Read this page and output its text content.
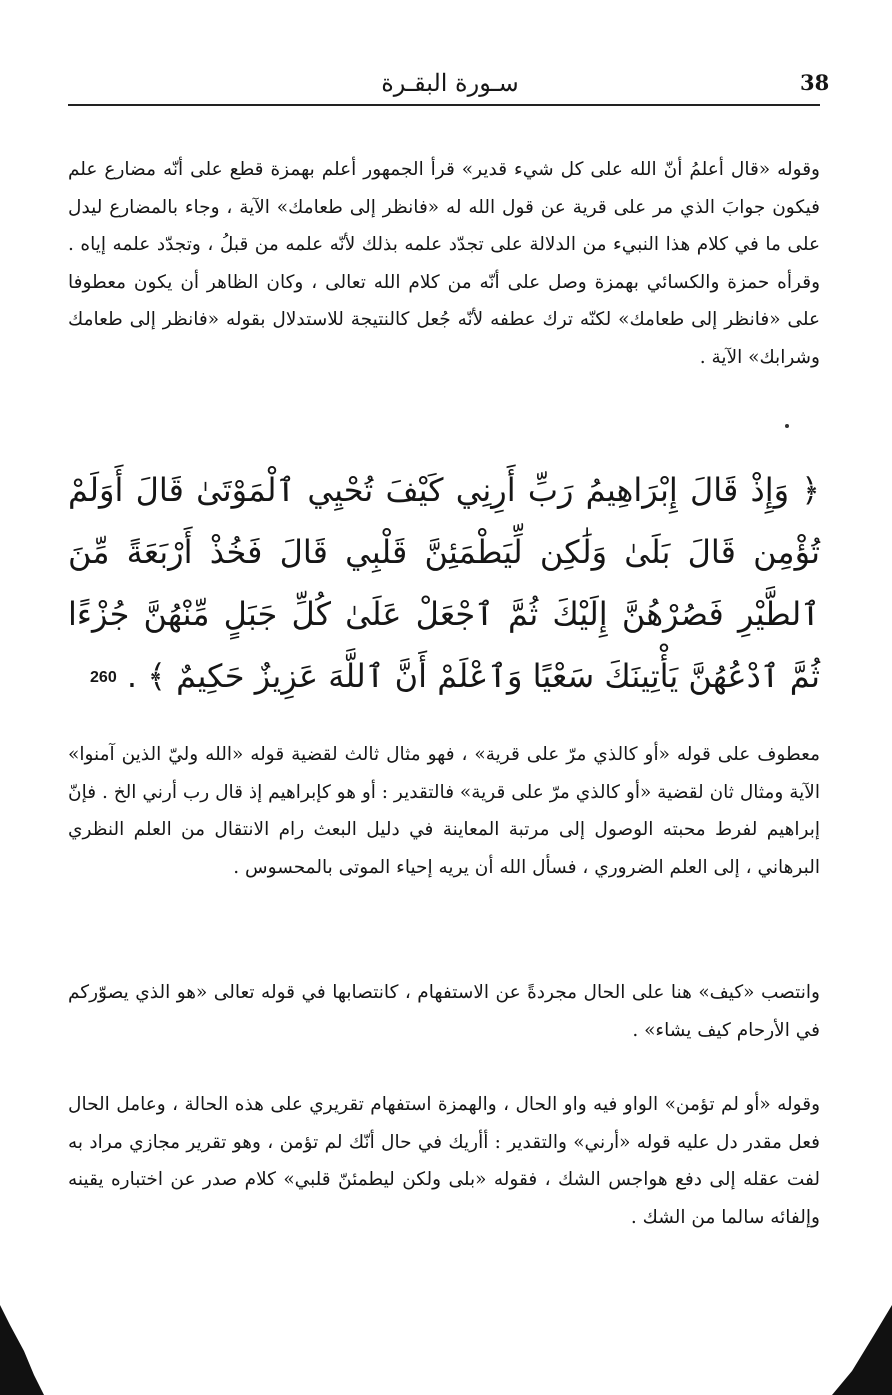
38
سـورة البقـرة

وقوله «قال أعلمُ أنّ الله على كل شيء قدير» قرأ الجمهور أعلم بهمزة قطع على أنّه مضارع علم فيكون جوابَ الذي مر على قرية عن قول الله له «فانظر إلى طعامك» الآية ، وجاء بالمضارع ليدل على ما في كلام هذا النبيء من الدلالة على تجدّد علمه بذلك لأنّه علمه من قبلُ ، وتجدّد علمه إياه . وقرأه حمزة والكسائي بهمزة وصل على أنّه من كلام الله تعالى ، وكان الظاهر أن يكون معطوفا على «فانظر إلى طعامك» لكنّه ترك عطفه لأنّه جُعل كالنتيجة للاستدلال بقوله «فانظر إلى طعامك وشرابك» الآية .

﴿ وَإِذْ قَالَ إِبْرَاهِيمُ رَبِّ أَرِنِي كَيْفَ تُحْيِي ٱلْمَوْتَىٰ قَالَ أَوَلَمْ تُؤْمِن قَالَ بَلَىٰ وَلَٰكِن لِّيَطْمَئِنَّ قَلْبِي قَالَ فَخُذْ أَرْبَعَةً مِّنَ ٱلطَّيْرِ فَصُرْهُنَّ إِلَيْكَ ثُمَّ ٱجْعَلْ عَلَىٰ كُلِّ جَبَلٍ مِّنْهُنَّ جُزْءًا ثُمَّ ٱدْعُهُنَّ يَأْتِينَكَ سَعْيًا وَٱعْلَمْ أَنَّ ٱللَّهَ عَزِيزٌ حَكِيمٌ ﴾ . 260

معطوف على قوله «أو كالذي مرّ على قرية» ، فهو مثال ثالث لقضية قوله «الله وليّ الذين آمنوا» الآية ومثال ثان لقضية «أو كالذي مرّ على قرية» فالتقدير : أو هو كإبراهيم إذ قال رب أرني الخ . فإنّ إبراهيم لفرط محبته الوصول إلى مرتبة المعاينة في دليل البعث رام الانتقال من العلم النظري البرهاني ، إلى العلم الضروري ، فسأل الله أن يريه إحياء الموتى بالمحسوس .

وانتصب «كيف» هنا على الحال مجردةً عن الاستفهام ، كانتصابها في قوله تعالى «هو الذي يصوّركم في الأرحام كيف يشاء» .

وقوله «أو لم تؤمن» الواو فيه واو الحال ، والهمزة استفهام تقريري على هذه الحالة ، وعامل الحال فعل مقدر دل عليه قوله «أرني» والتقدير : أأريك في حال أنّك لم تؤمن ، وهو تقرير مجازي مراد به لفت عقله إلى دفع هواجس الشك ، فقوله «بلى ولكن ليطمئنّ قلبي» كلام صدر عن اختباره يقينه وإلفائه سالما من الشك .
